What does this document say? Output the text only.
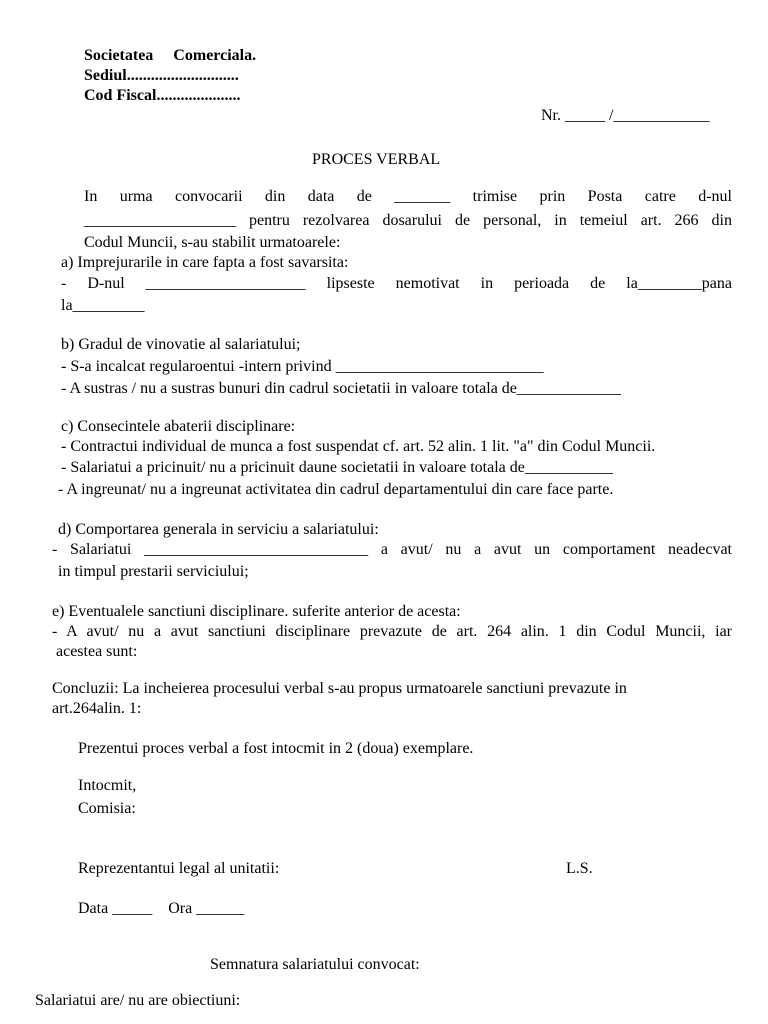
Societatea     Comerciala.
Sediul............................
Cod Fiscal.....................
Nr. _____ /____________
PROCES VERBAL
In urma convocarii din data de _______ trimise prin Posta catre d-nul
___________________ pentru rezolvarea dosarului de personal, in temeiul art. 266 din
Codul Muncii, s-au stabilit urmatoarele:
a) Imprejurarile in care fapta a fost savarsita:
- D-nul ____________________ lipseste nemotivat in perioada de la________pana
la_________
b) Gradul de vinovatie al salariatului;
- S-a incalcat regularoentui -intern privind __________________________
- A sustras / nu a sustras bunuri din cadrul societatii in valoare totala de_____________
c) Consecintele abaterii disciplinare:
- Contractui individual de munca a fost suspendat cf. art. 52 alin. 1 lit. "a" din Codul Muncii.
- Salariatui a pricinuit/ nu a pricinuit daune societatii in valoare totala de___________
- A ingreunat/ nu a ingreunat activitatea din cadrul departamentului din care face parte.
d) Comportarea generala in serviciu a salariatului:
- Salariatui ____________________________ a avut/ nu a avut un comportament neadecvat
in timpul prestarii serviciului;
e) Eventualele sanctiuni disciplinare. suferite anterior de acesta:
- A avut/ nu a avut sanctiuni disciplinare prevazute de art. 264 alin. 1 din Codul Muncii, iar
acestea sunt:
Concluzii: La incheierea procesului verbal s-au propus urmatoarele sanctiuni prevazute in
art.264alin. 1:
Prezentui proces verbal a fost intocmit in 2 (doua) exemplare.
Intocmit,
Comisia:
Reprezentantui legal al unitatii:	L.S.
Data _____    Ora ______
Semnatura salariatului convocat:
Salariatui are/ nu are obiectiuni:
